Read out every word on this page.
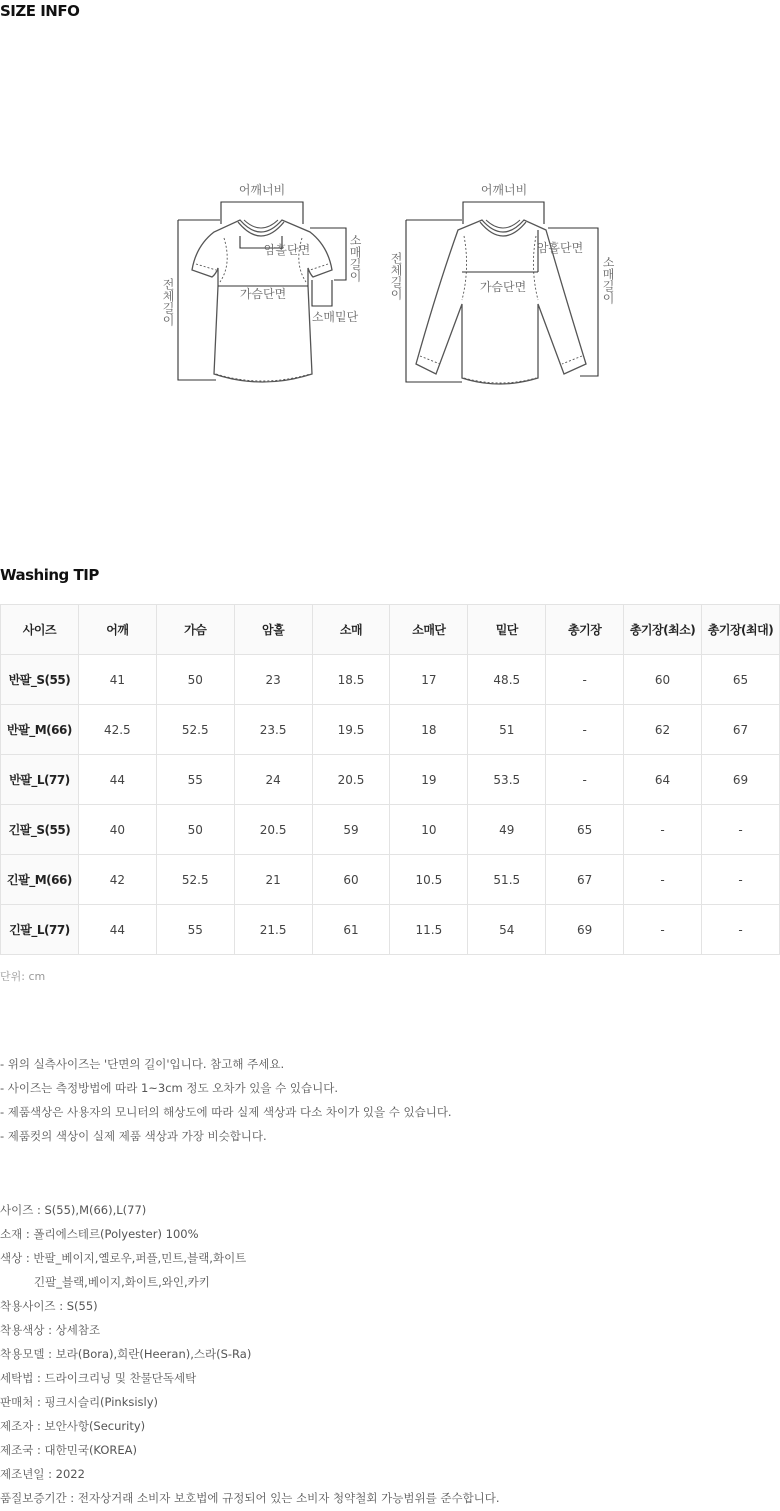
SIZE INFO
어깨너비
암홀단면
가슴단면
소매밑단
소매길이
전체길이
어깨너비
암홀단면
가슴단면	소매길이
전체길이
Washing TIP
사이즈	어깨	가슴	암홀	소매	소매단	밑단	총기장	총기장(최소)	총기장(최대)
반팔_S(55)	41	50	23	18.5	17	48.5	-	60	65
반팔_M(66)	42.5	52.5	23.5	19.5	18	51	-	62	67
반팔_L(77)	44	55	24	20.5	19	53.5	-	64	69
긴팔_S(55)	40	50	20.5	59	10	49	65	-	-
긴팔_M(66)	42	52.5	21	60	10.5	51.5	67	-	-
긴팔_L(77)	44	55	21.5	61	11.5	54	69	-	-
단위: cm
- 위의 실측사이즈는 '단면의 길이'입니다. 참고해 주세요.
- 사이즈는 측정방법에 따라 1~3cm 정도 오차가 있을 수 있습니다.
- 제품색상은 사용자의 모니터의 해상도에 따라 실제 색상과 다소 차이가 있을 수 있습니다.
- 제품컷의 색상이 실제 제품 색상과 가장 비슷합니다.
사이즈 : S(55),M(66),L(77)
소재 : 폴리에스테르(Polyester) 100%
색상 : 반팔_베이지,옐로우,퍼플,민트,블랙,화이트
긴팔_블랙,베이지,화이트,와인,카키
착용사이즈 : S(55)
착용색상 : 상세참조
착용모델 : 보라(Bora),희란(Heeran),스라(S-Ra)
세탁법 : 드라이크리닝 및 찬물단독세탁
판매처 : 핑크시슬리(Pinksisly)
제조자 : 보안사항(Security)
제조국 : 대한민국(KOREA)
제조년일 : 2022
품질보증기간 : 전자상거래 소비자 보호법에 규정되어 있는 소비자 청약철회 가능범위를 준수합니다.
